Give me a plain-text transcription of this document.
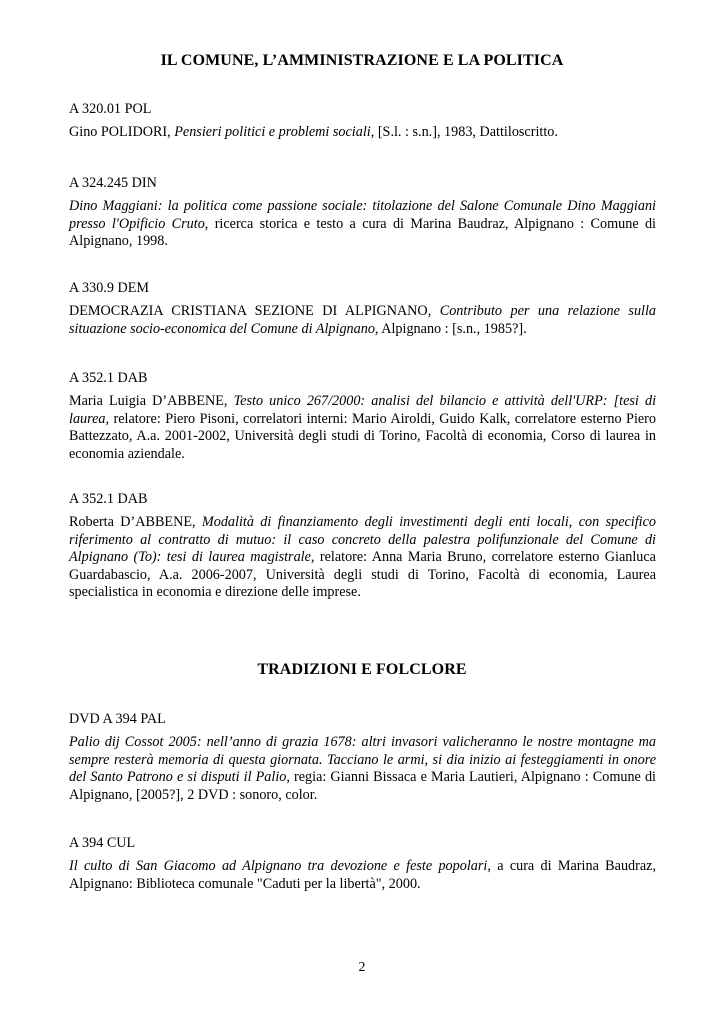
IL COMUNE, L’AMMINISTRAZIONE E LA POLITICA

A 320.01 POL

Gino POLIDORI, Pensieri politici e problemi sociali, [S.l. : s.n.], 1983, Dattiloscritto.

A 324.245 DIN

Dino Maggiani: la politica come passione sociale: titolazione del Salone Comunale Dino Maggiani presso l'Opificio Cruto, ricerca storica e testo a cura di Marina Baudraz, Alpignano : Comune di Alpignano, 1998.

A 330.9 DEM

DEMOCRAZIA CRISTIANA SEZIONE DI ALPIGNANO, Contributo per una relazione sulla situazione socio-economica del Comune di Alpignano, Alpignano : [s.n., 1985?].

A 352.1 DAB

Maria Luigia D’ABBENE, Testo unico 267/2000: analisi del bilancio e attività dell'URP: [tesi di laurea, relatore: Piero Pisoni, correlatori interni: Mario Airoldi, Guido Kalk, correlatore esterno Piero Battezzato, A.a. 2001-2002, Università degli studi di Torino, Facoltà di economia, Corso di laurea in economia aziendale.

A 352.1 DAB

Roberta D’ABBENE, Modalità di finanziamento degli investimenti degli enti locali, con specifico riferimento al contratto di mutuo: il caso concreto della palestra polifunzionale del Comune di Alpignano (To): tesi di laurea magistrale, relatore: Anna Maria Bruno, correlatore esterno Gianluca Guardabascio, A.a. 2006-2007, Università degli studi di Torino, Facoltà di economia, Laurea specialistica in economia e direzione delle imprese.

TRADIZIONI E FOLCLORE

DVD A 394 PAL

Palio dij Cossot 2005: nell’anno di grazia 1678: altri invasori valicheranno le nostre montagne ma sempre resterà memoria di questa giornata. Tacciano le armi, si dia inizio ai festeggiamenti in onore del Santo Patrono e si disputi il Palio, regia: Gianni Bissaca e Maria Lautieri, Alpignano : Comune di Alpignano, [2005?], 2 DVD : sonoro, color.

A 394 CUL

Il culto di San Giacomo ad Alpignano tra devozione e feste popolari, a cura di Marina Baudraz, Alpignano: Biblioteca comunale "Caduti per la libertà", 2000.

2
